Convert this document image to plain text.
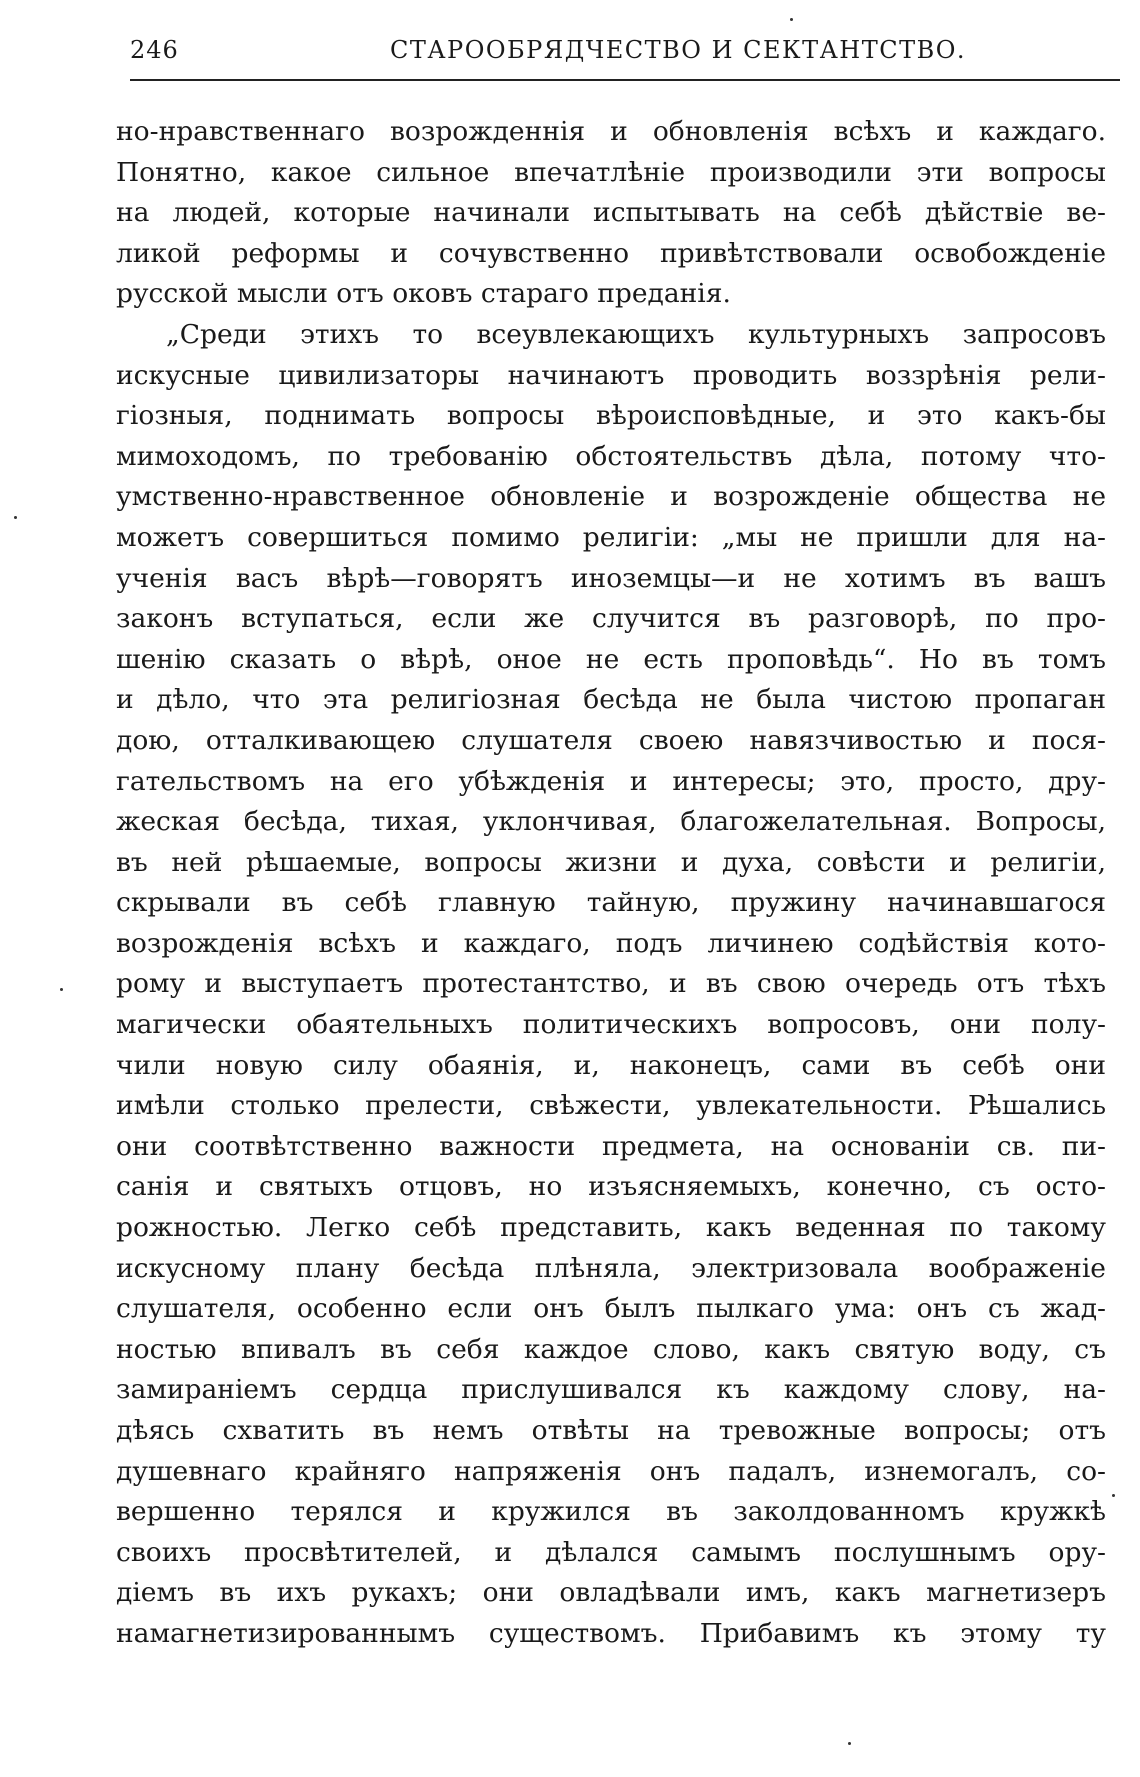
246	СТАРООБРЯДЧЕСТВО И СЕКТАНТСТВО.
но-нравственнаго возрожденнія и обновленія всѣхъ и каждаго.
Понятно, какое сильное впечатлѣніе производили эти вопросы
на людей, которые начинали испытывать на себѣ дѣйствіе ве-
ликой реформы и сочувственно привѣтствовали освобожденіе
русской мысли отъ оковъ стараго преданія.
„Среди этихъ то всеувлекающихъ культурныхъ запросовъ
искусные цивилизаторы начинаютъ проводить воззрѣнія рели-
гіозныя, поднимать вопросы вѣроисповѣдные, и это какъ-бы
мимоходомъ, по требованію обстоятельствъ дѣла, потому что-
умственно-нравственное обновленіе и возрожденіе общества не
можетъ совершиться помимо религіи: „мы не пришли для на-
ученія васъ вѣрѣ—говорятъ иноземцы—и не хотимъ въ вашъ
законъ вступаться, если же случится въ разговорѣ, по про-
шенію сказать о вѣрѣ, оное не есть проповѣдь“. Но въ томъ
и дѣло, что эта религіозная бесѣда не была чистою пропаган
дою, отталкивающею слушателя своею навязчивостью и пося-
гательствомъ на его убѣжденія и интересы; это, просто, дру-
жеская бесѣда, тихая, уклончивая, благожелательная. Вопросы,
въ ней рѣшаемые, вопросы жизни и духа, совѣсти и религіи,
скрывали въ себѣ главную тайную, пружину начинавшагося
возрожденія всѣхъ и каждаго, подъ личинею содѣйствія кото-
рому и выступаетъ протестантство, и въ свою очередь отъ тѣхъ
магически обаятельныхъ политическихъ вопросовъ, они полу-
чили новую силу обаянія, и, наконецъ, сами въ себѣ они
имѣли столько прелести, свѣжести, увлекательности. Рѣшались
они соотвѣтственно важности предмета, на основаніи св. пи-
санія и святыхъ отцовъ, но изъясняемыхъ, конечно, съ осто-
рожностью. Легко себѣ представить, какъ веденная по такому
искусному плану бесѣда плѣняла, электризовала воображеніе
слушателя, особенно если онъ былъ пылкаго ума: онъ съ жад-
ностью впивалъ въ себя каждое слово, какъ святую воду, съ
замираніемъ сердца прислушивался къ каждому слову, на-
дѣясь схватить въ немъ отвѣты на тревожные вопросы; отъ
душевнаго крайняго напряженія онъ падалъ, изнемогалъ, со-
вершенно терялся и кружился въ заколдованномъ кружкѣ
своихъ просвѣтителей, и дѣлался самымъ послушнымъ ору-
діемъ въ ихъ рукахъ; они овладѣвали имъ, какъ магнетизеръ
намагнетизированнымъ существомъ. Прибавимъ къ этому ту
